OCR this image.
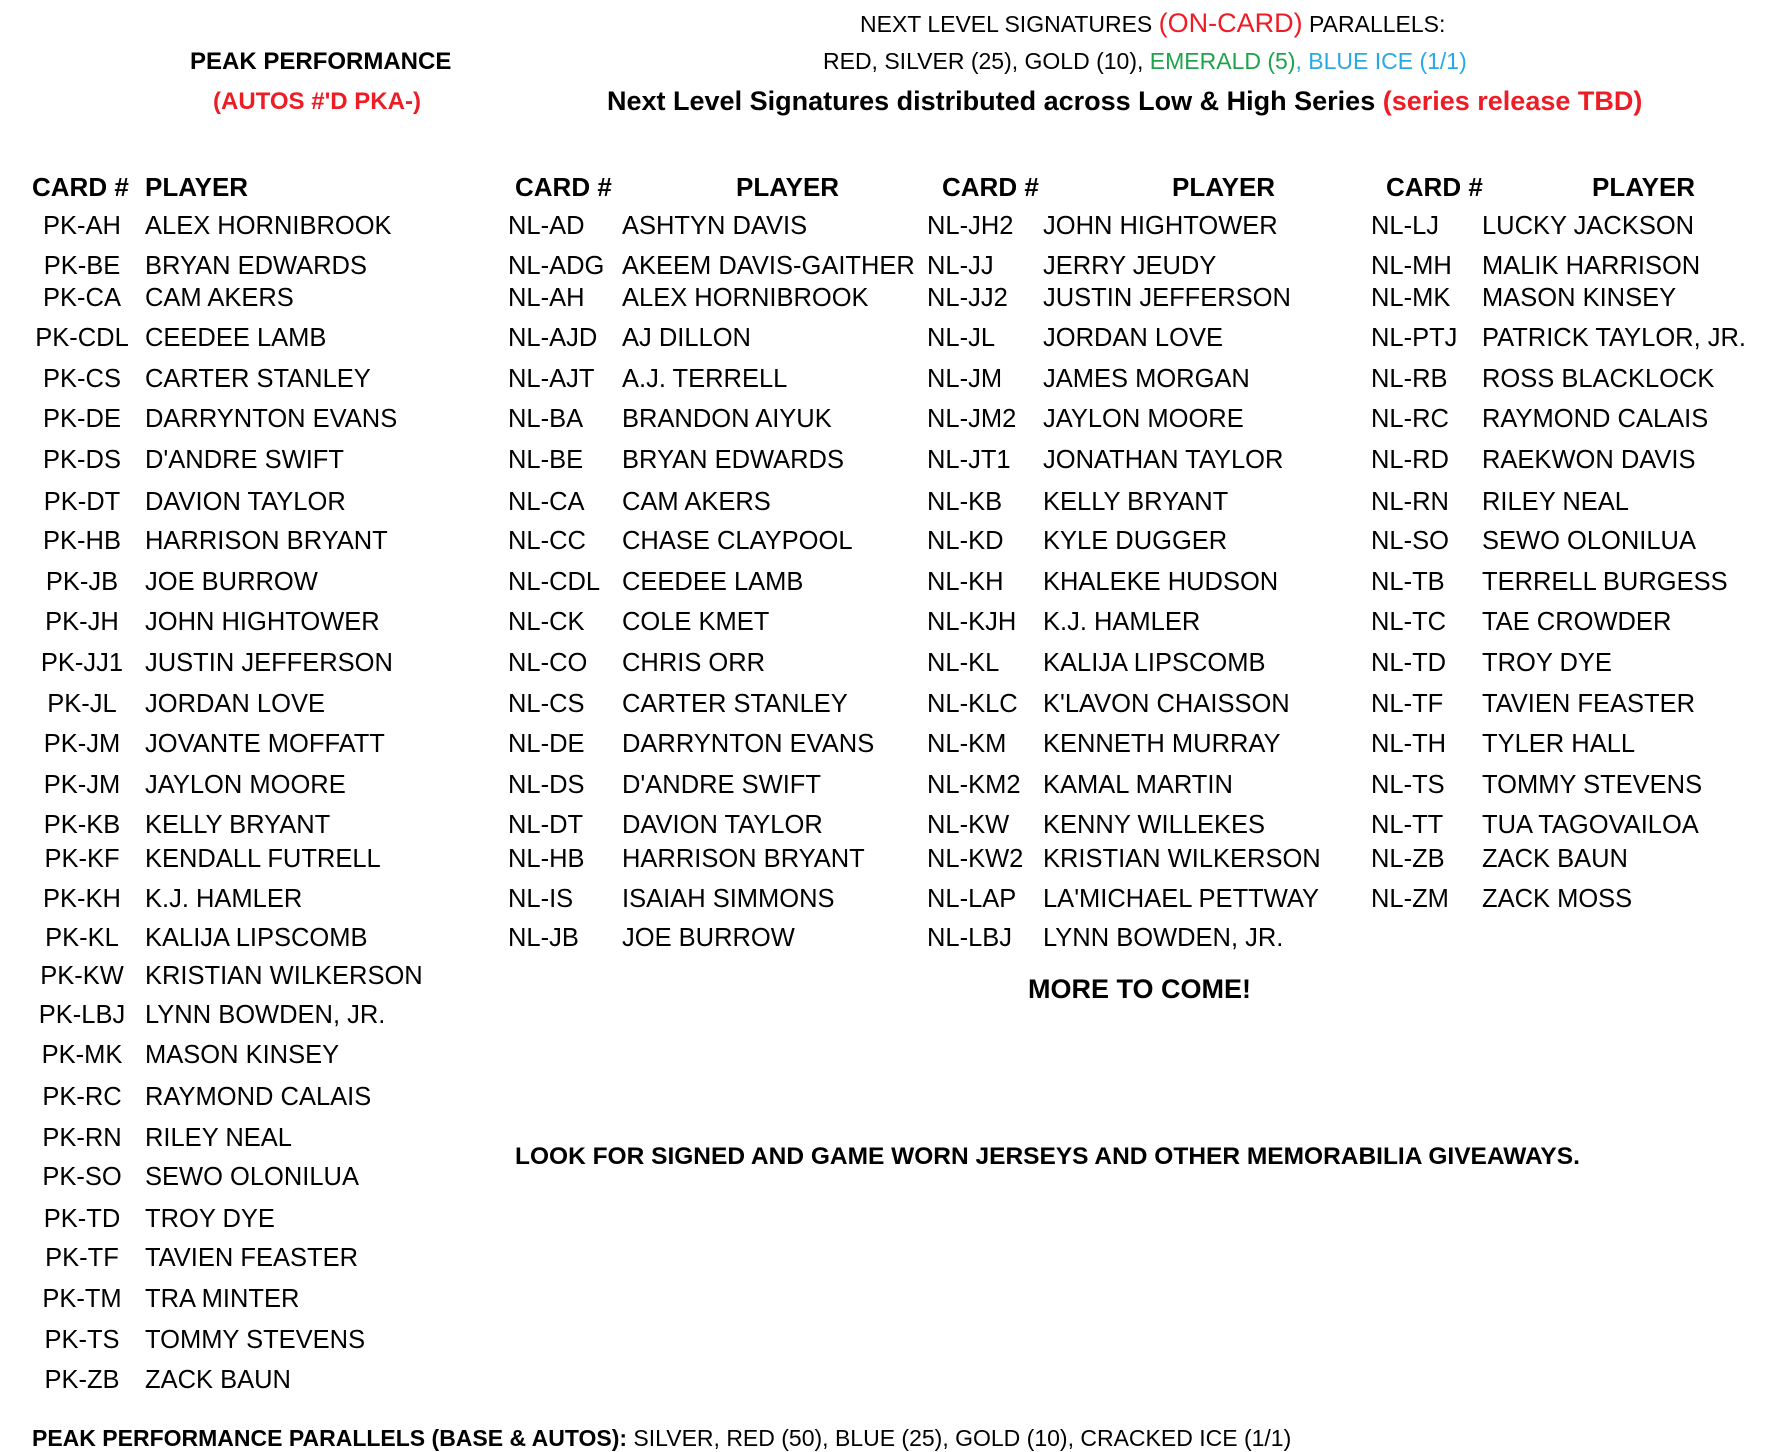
NEXT LEVEL SIGNATURES (ON-CARD) PARALLELS:
PEAK PERFORMANCE	RED, SILVER (25), GOLD (10), EMERALD (5), BLUE ICE (1/1)
(AUTOS #'D PKA-)	Next Level Signatures distributed across Low & High Series (series release TBD)
CARD # PLAYER	CARD #	PLAYER	CARD #	PLAYER	CARD #	PLAYER
PK-AH ALEX HORNIBROOK
PK-BE BRYAN EDWARDS
PK-CA CAM AKERS
PK-CDL CEEDEE LAMB
PK-CS CARTER STANLEY
PK-DE DARRYNTON EVANS
PK-DS D'ANDRE SWIFT
PK-DT DAVION TAYLOR
PK-HB HARRISON BRYANT
PK-JB	JOE BURROW
PK-JH	JOHN HIGHTOWER
PK-JJ1 JUSTIN JEFFERSON
PK-JL	JORDAN LOVE
PK-JM JOVANTE MOFFATT
PK-JM JAYLON MOORE
PK-KB KELLY BRYANT
PK-KF KENDALL FUTRELL
PK-KH K.J. HAMLER
PK-KL	KALIJA LIPSCOMB
PK-KW KRISTIAN WILKERSON
PK-LBJ LYNN BOWDEN, JR.
PK-MK MASON KINSEY
PK-RC RAYMOND CALAIS
PK-RN RILEY NEAL
PK-SO SEWO OLONILUA
PK-TD TROY DYE
PK-TF	TAVIEN FEASTER
PK-TM TRA MINTER
PK-TS TOMMY STEVENS
PK-ZB ZACK BAUN
NL-AD	ASHTYN DAVIS
NL-ADG AKEEM DAVIS-GAITHER
NL-AH	ALEX HORNIBROOK
NL-AJD AJ DILLON
NL-AJT	A.J. TERRELL
NL-BA	BRANDON AIYUK
NL-BE	BRYAN EDWARDS
NL-CA	CAM AKERS
NL-CC	CHASE CLAYPOOL
NL-CDL CEEDEE LAMB
NL-CK	COLE KMET
NL-CO	CHRIS ORR
NL-CS	CARTER STANLEY
NL-DE	DARRYNTON EVANS
NL-DS	D'ANDRE SWIFT
NL-DT	DAVION TAYLOR
NL-HB	HARRISON BRYANT
NL-IS	ISAIAH SIMMONS
NL-JB	JOE BURROW
NL-JH2	JOHN HIGHTOWER
NL-JJ	JERRY JEUDY
NL-JJ2	JUSTIN JEFFERSON
NL-JL	JORDAN LOVE
NL-JM	JAMES MORGAN
NL-JM2	JAYLON MOORE
NL-JT1	JONATHAN TAYLOR
NL-KB	KELLY BRYANT
NL-KD	KYLE DUGGER
NL-KH	KHALEKE HUDSON
NL-KJH	K.J. HAMLER
NL-KL	KALIJA LIPSCOMB
NL-KLC K'LAVON CHAISSON
NL-KM	KENNETH MURRAY
NL-KM2 KAMAL MARTIN
NL-KW	KENNY WILLEKES
NL-KW2 KRISTIAN WILKERSON
NL-LAP	LA'MICHAEL PETTWAY
NL-LBJ	LYNN BOWDEN, JR.
NL-LJ	LUCKY JACKSON
NL-MH	MALIK HARRISON
NL-MK	MASON KINSEY
NL-PTJ PATRICK TAYLOR, JR.
NL-RB	ROSS BLACKLOCK
NL-RC	RAYMOND CALAIS
NL-RD	RAEKWON DAVIS
NL-RN	RILEY NEAL
NL-SO	SEWO OLONILUA
NL-TB	TERRELL BURGESS
NL-TC	TAE CROWDER
NL-TD	TROY DYE
NL-TF	TAVIEN FEASTER
NL-TH	TYLER HALL
NL-TS	TOMMY STEVENS
NL-TT	TUA TAGOVAILOA
NL-ZB	ZACK BAUN
NL-ZM	ZACK MOSS
MORE TO COME!
LOOK FOR SIGNED AND GAME WORN JERSEYS AND OTHER MEMORABILIA GIVEAWAYS.
PEAK PERFORMANCE PARALLELS (BASE & AUTOS): SILVER, RED (50), BLUE (25), GOLD (10), CRACKED ICE (1/1)
